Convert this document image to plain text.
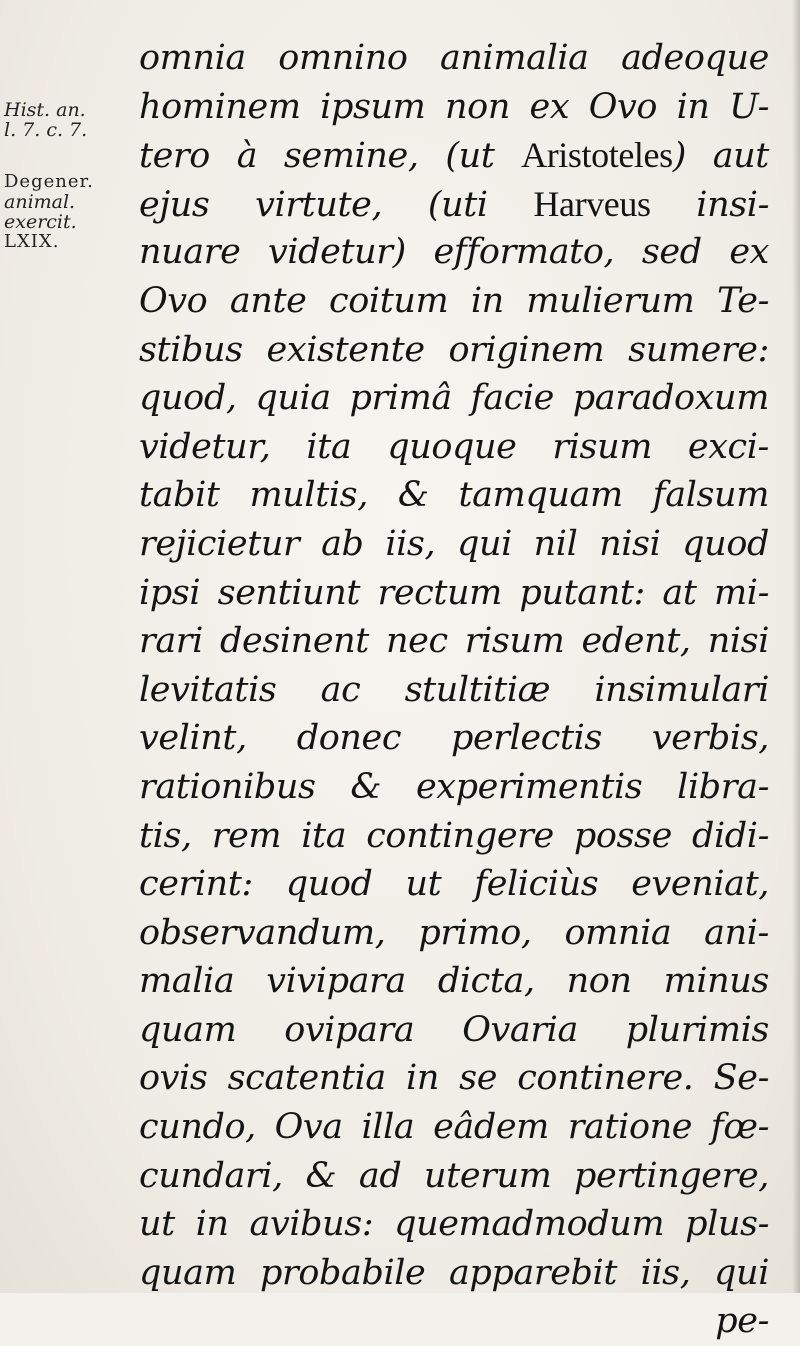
Hist. an.
l. 7. c. 7.
Degener.
animal.
exercit.
LXIX.
omnia omnino animalia adeoque
hominem ipsum non ex Ovo in U-
tero à semine, (ut Aristoteles) aut
ejus virtute, (uti Harveus insi-
nuare videtur) efformato, sed ex
Ovo ante coitum in mulierum Te-
stibus existente originem sumere:
quod, quia primâ facie paradoxum
videtur, ita quoque risum exci-
tabit multis, & tamquam falsum
rejicietur ab iis, qui nil nisi quod
ipsi sentiunt rectum putant: at mi-
rari desinent nec risum edent, nisi
levitatis ac stultitiæ insimulari
velint, donec perlectis verbis,
rationibus & experimentis libra-
tis, rem ita contingere posse didi-
cerint: quod ut feliciùs eveniat,
observandum, primo, omnia ani-
malia vivipara dicta, non minus
quam ovipara Ovaria plurimis
ovis scatentia in se continere. Se-
cundo, Ova illa eâdem ratione fœ-
cundari, & ad uterum pertingere,
ut in avibus: quemadmodum plus-
quam probabile apparebit iis, qui
pe-
